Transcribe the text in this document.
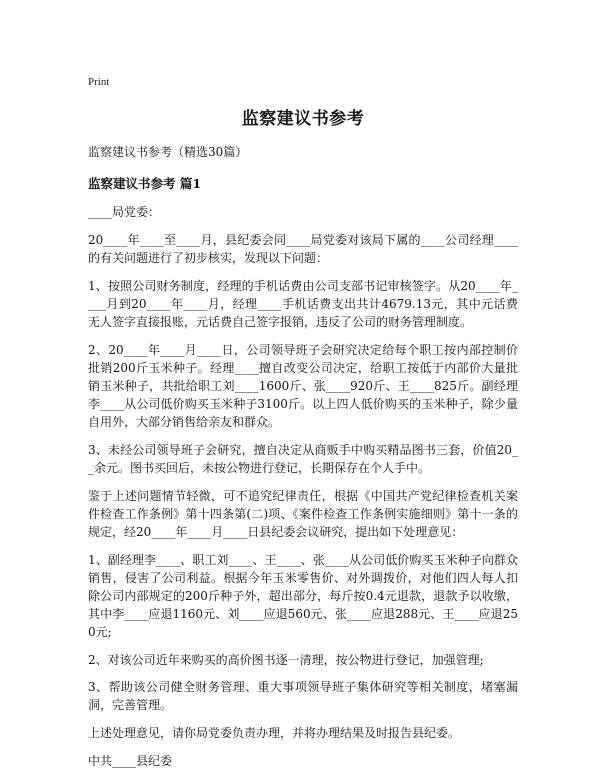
Print
监察建议书参考
监察建议书参考（精选30篇）
监察建议书参考 篇1
____局党委：
20____年____至____月，县纪委会同____局党委对该局下属的____公司经理____的有关问题进行了初步核实，发现以下问题：
1、按照公司财务制度，经理的手机话费由公司支部书记审核签字。从20____年____月到20____年____月，经理____手机话费支出共计4679.13元，其中元话费无人签字直接报账，元话费自己签字报销，违反了公司的财务管理制度。
2、20____年____月____日，公司领导班子会研究决定给每个职工按内部控制价批销200斤玉米种子。经理____擅自改变公司决定，给职工按低于内部价大量批销玉米种子，共批给职工刘____1600斤、张____920斤、王____825斤。副经理李____从公司低价购买玉米种子3100斤。以上四人低价购买的玉米种子，除少量自用外，大部分销售给亲友和群众。
3、未经公司领导班子会研究，擅自决定从商贩手中购买精品图书三套，价值20__余元。图书买回后，未按公物进行登记，长期保存在个人手中。
鉴于上述问题情节轻微，可不追究纪律责任，根据《中国共产党纪律检查机关案件检查工作条例》第十四条第(二)项、《案件检查工作条例实施细则》第十一条的规定，经20____年____月____日县纪委会议研究，提出如下处理意见：
1、副经理李____、职工刘____、王____、张____从公司低价购买玉米种子向群众销售，侵害了公司利益。根据今年玉米零售价、对外调拨价，对他们四人每人扣除公司内部规定的200斤种子外，超出部分，每斤按0.4元退款，退款予以收缴，其中李____应退1160元、刘____应退560元、张____应退288元、王____应退250元;
2、对该公司近年来购买的高价图书逐一清理，按公物进行登记，加强管理;
3、帮助该公司健全财务管理、重大事项领导班子集体研究等相关制度，堵塞漏洞，完善管理。
上述处理意见，请你局党委负责办理，并将办理结果及时报告县纪委。
中共____县纪委
